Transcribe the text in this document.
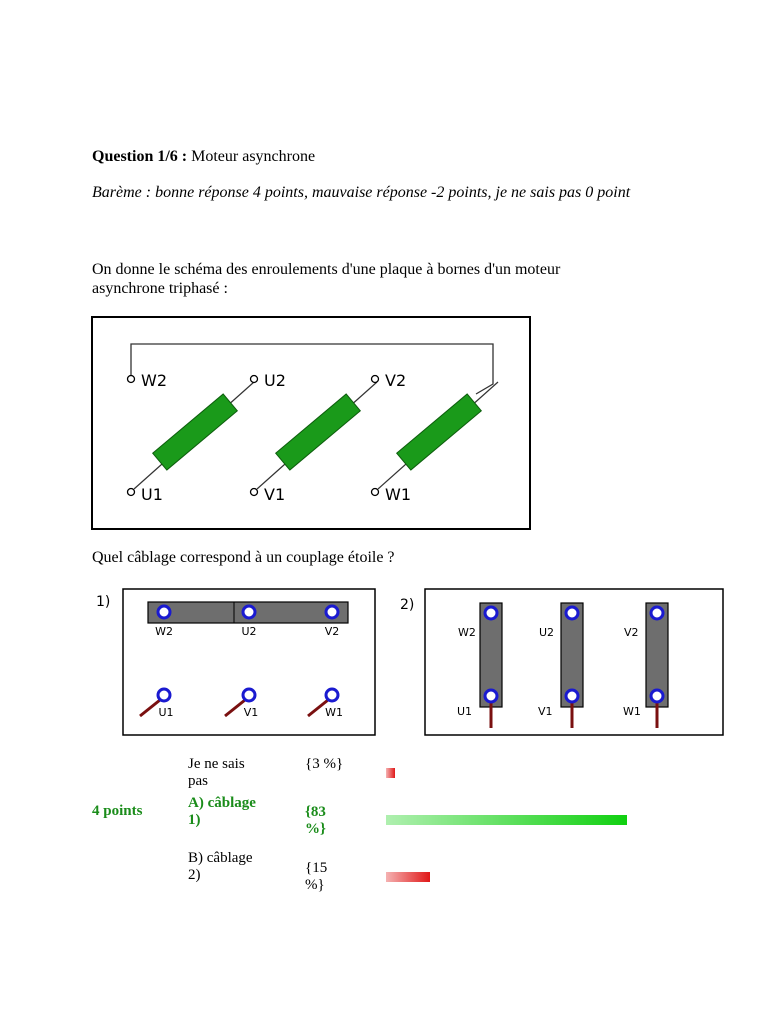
Question 1/6 : Moteur asynchrone
Barème : bonne réponse 4 points, mauvaise réponse -2 points, je ne sais pas 0 point
On donne le schéma des enroulements d'une plaque à bornes d'un moteur asynchrone triphasé :
W2
U1
U2
V1
V2
W1
Quel câblage correspond à un couplage étoile ?
1)
W2
U1
U2
V1
V2
W1
2)
W2
U1
U2
V1
V2
W1
4 points
Je ne sais pas
{3 %}
A) câblage 1)	{83 %}
B) câblage 2)	{15 %}
